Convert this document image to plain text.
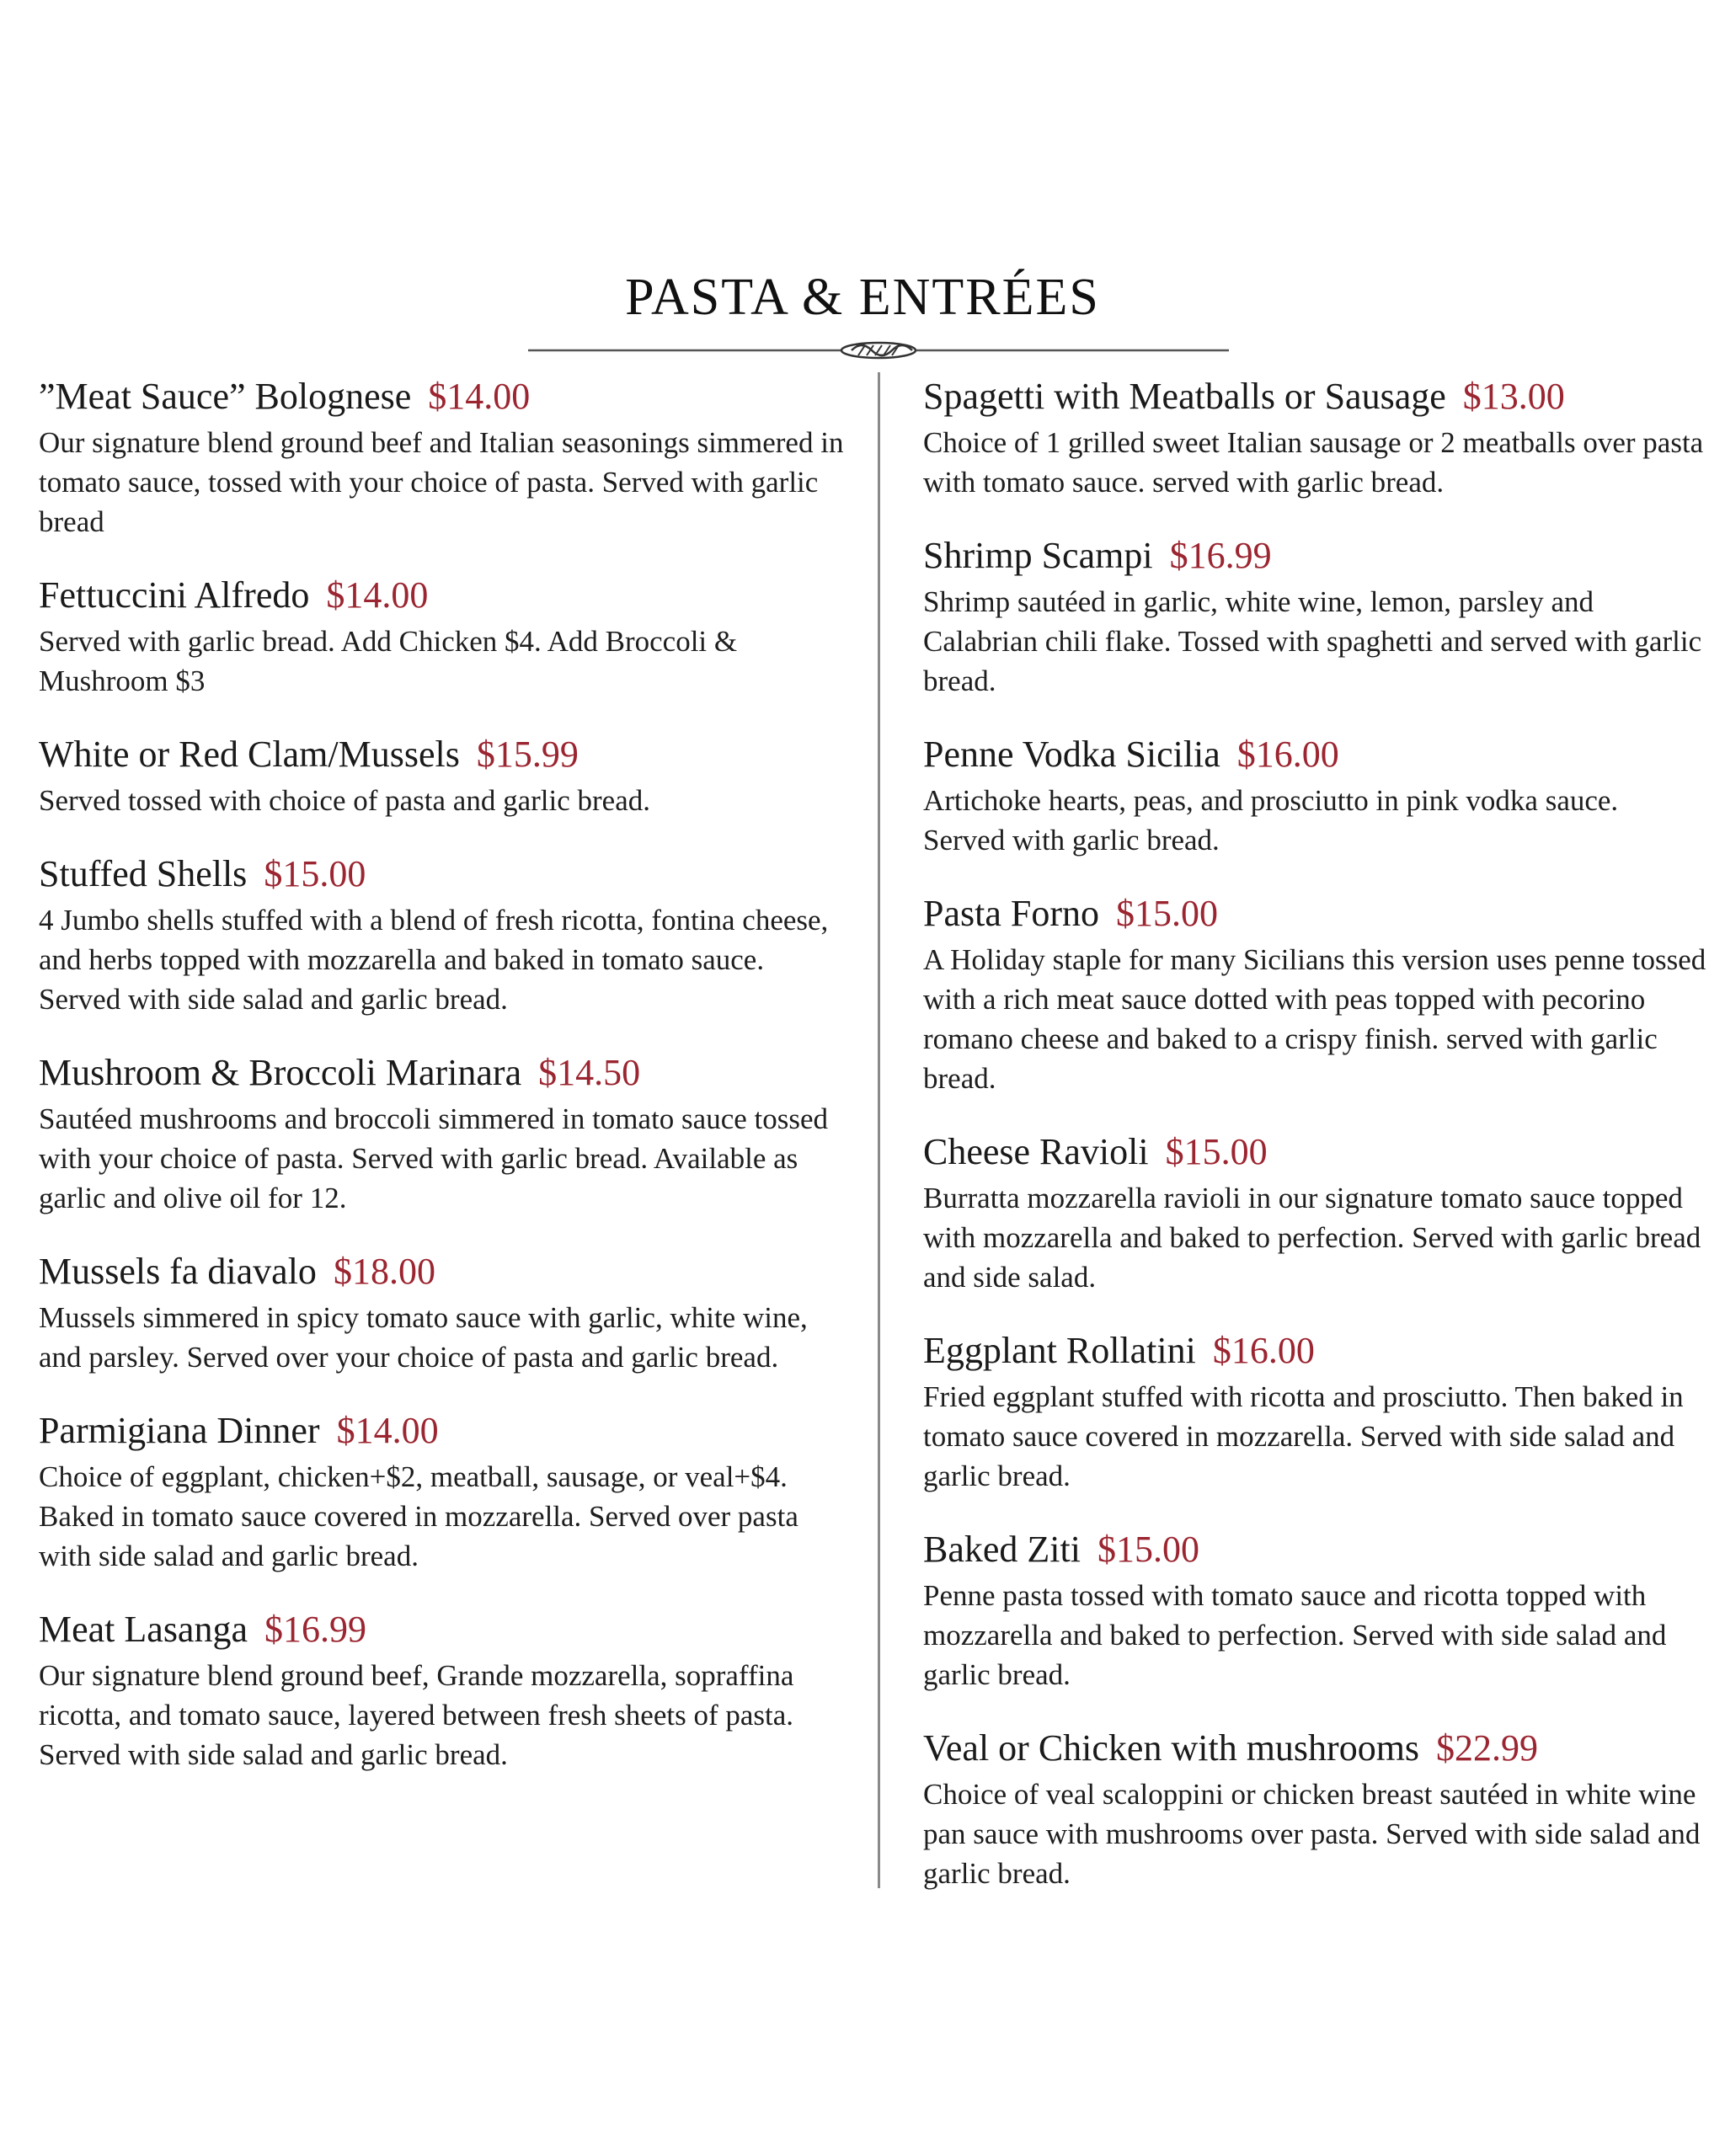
PASTA & ENTRÉES
”Meat Sauce” Bolognese $14.00
Our signature blend ground beef and Italian seasonings simmered in tomato sauce, tossed with your choice of pasta. Served with garlic bread
Fettuccini Alfredo $14.00
Served with garlic bread. Add Chicken $4. Add Broccoli & Mushroom $3
White or Red Clam/Mussels $15.99
Served tossed with choice of pasta and garlic bread.
Stuffed Shells $15.00
4 Jumbo shells stuffed with a blend of fresh ricotta, fontina cheese, and herbs topped with mozzarella and baked in tomato sauce. Served with side salad and garlic bread.
Mushroom & Broccoli Marinara $14.50
Sautéed mushrooms and broccoli simmered in tomato sauce tossed with your choice of pasta. Served with garlic bread. Available as garlic and olive oil for 12.
Mussels fa diavalo $18.00
Mussels simmered in spicy tomato sauce with garlic, white wine, and parsley. Served over your choice of pasta and garlic bread.
Parmigiana Dinner $14.00
Choice of eggplant, chicken+$2, meatball, sausage, or veal+$4. Baked in tomato sauce covered in mozzarella. Served over pasta with side salad and garlic bread.
Meat Lasanga $16.99
Our signature blend ground beef, Grande mozzarella, sopraffina ricotta, and tomato sauce, layered between fresh sheets of pasta. Served with side salad and garlic bread.
Spagetti with Meatballs or Sausage $13.00
Choice of 1 grilled sweet Italian sausage or 2 meatballs over pasta with tomato sauce. served with garlic bread.
Shrimp Scampi $16.99
Shrimp sautéed in garlic, white wine, lemon, parsley and Calabrian chili flake. Tossed with spaghetti and served with garlic bread.
Penne Vodka Sicilia $16.00
Artichoke hearts, peas, and prosciutto in pink vodka sauce. Served with garlic bread.
Pasta Forno $15.00
A Holiday staple for many Sicilians this version uses penne tossed with a rich meat sauce dotted with peas topped with pecorino romano cheese and baked to a crispy finish. served with garlic bread.
Cheese Ravioli $15.00
Burratta mozzarella ravioli in our signature tomato sauce topped with mozzarella and baked to perfection. Served with garlic bread and side salad.
Eggplant Rollatini $16.00
Fried eggplant stuffed with ricotta and prosciutto. Then baked in tomato sauce covered in mozzarella. Served with side salad and garlic bread.
Baked Ziti $15.00
Penne pasta tossed with tomato sauce and ricotta topped with mozzarella and baked to perfection. Served with side salad and garlic bread.
Veal or Chicken with mushrooms $22.99
Choice of veal scaloppini or chicken breast sautéed in white wine pan sauce with mushrooms over pasta. Served with side salad and garlic bread.
